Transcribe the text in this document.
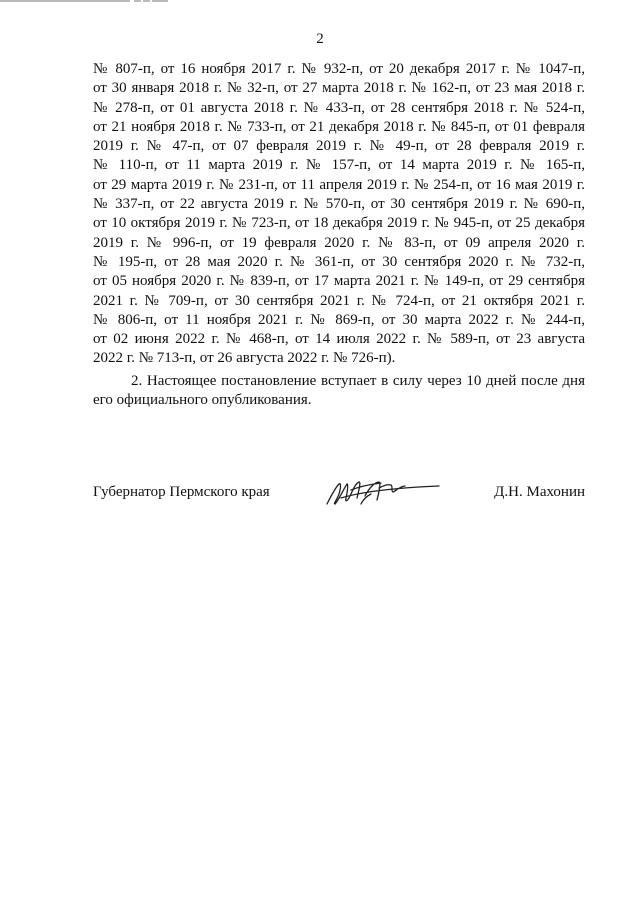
2
№ 807-п, от 16 ноября 2017 г. № 932-п, от 20 декабря 2017 г. № 1047-п,
от 30 января 2018 г. № 32-п, от 27 марта 2018 г. № 162-п, от 23 мая 2018 г.
№ 278-п, от 01 августа 2018 г. № 433-п, от 28 сентября 2018 г. № 524-п,
от 21 ноября 2018 г. № 733-п, от 21 декабря 2018 г. № 845-п, от 01 февраля
2019 г. № 47-п, от 07 февраля 2019 г. № 49-п, от 28 февраля 2019 г.
№ 110-п, от 11 марта 2019 г. № 157-п, от 14 марта 2019 г. № 165-п,
от 29 марта 2019 г. № 231-п, от 11 апреля 2019 г. № 254-п, от 16 мая 2019 г.
№ 337-п, от 22 августа 2019 г. № 570-п, от 30 сентября 2019 г. № 690-п,
от 10 октября 2019 г. № 723-п, от 18 декабря 2019 г. № 945-п, от 25 декабря
2019 г. № 996-п, от 19 февраля 2020 г. № 83-п, от 09 апреля 2020 г.
№ 195-п, от 28 мая 2020 г. № 361-п, от 30 сентября 2020 г. № 732-п,
от 05 ноября 2020 г. № 839-п, от 17 марта 2021 г. № 149-п, от 29 сентября
2021 г. № 709-п, от 30 сентября 2021 г. № 724-п, от 21 октября 2021 г.
№ 806-п, от 11 ноября 2021 г. № 869-п, от 30 марта 2022 г. № 244-п,
от 02 июня 2022 г. № 468-п, от 14 июля 2022 г. № 589-п, от 23 августа
2022 г. № 713-п, от 26 августа 2022 г. № 726-п).
2. Настоящее постановление вступает в силу через 10 дней после дня
его официального опубликования.
Губернатор Пермского края	Д.Н. Махонин
